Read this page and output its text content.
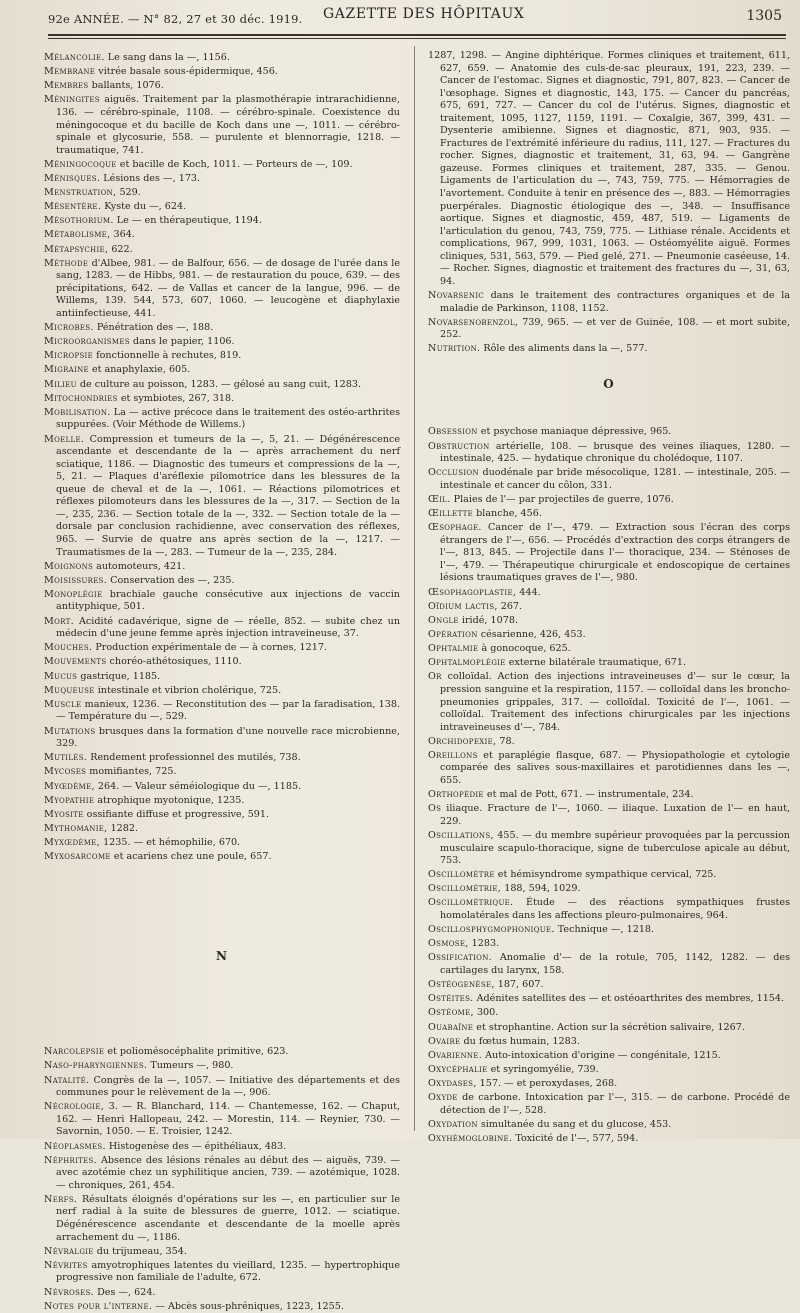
92e ANNÉE. — N° 82, 27 et 30 déc. 1919. GAZETTE DES HÔPITAUX	1305

Mélancolie. Le sang dans la —, 1156.

Membrane vitrée basale sous-épidermique, 456.

Membres ballants, 1076.

Méningites aiguës. Traitement par la plasmothérapie intrarachidienne, 136. — cérébro-spinale, 1108. — cérébro-spinale. Coexistence du méningocoque et du bacille de Koch dans une —, 1011. — cérébro-spinale et glycosurie, 558. — purulente et blennorragie, 1218. — traumatique, 741.

Méningocoque et bacille de Koch, 1011. — Porteurs de —, 109.

Ménisques. Lésions des —, 173.

Menstruation, 529.

Mésentère. Kyste du —, 624.

Mésothorium. Le — en thérapeutique, 1194.

Métabolisme, 364.

Métapsychie, 622.

Méthode d'Albee, 981. — de Balfour, 656. — de dosage de l'urée dans le sang, 1283. — de Hibbs, 981. — de restauration du pouce, 639. — des précipitations, 642. — de Vallas et cancer de la langue, 996. — de Willems, 139. 544, 573, 607, 1060. — leucogène et diaphylaxie antiinfectieuse, 441.

Microbes. Pénétration des —, 188.

Microorganismes dans le papier, 1106.

Micropsie fonctionnelle à rechutes, 819.

Migraine et anaphylaxie, 605.

Milieu de culture au poisson, 1283. — gélosé au sang cuit, 1283.

Mitochondries et symbiotes, 267, 318.

Mobilisation. La — active précoce dans le traitement des ostéo-arthrites suppurées. (Voir Méthode de Willems.)

Moelle. Compression et tumeurs de la —, 5, 21. — Dégénérescence ascendante et descendante de la — après arrachement du nerf sciatique, 1186. — Diagnostic des tumeurs et compressions de la —, 5, 21. — Plaques d'aréflexie pilomotrice dans les blessures de la queue de cheval et de la —, 1061. — Réactions pilomotrices et réflexes pilomoteurs dans les blessures de la —, 317. — Section de la —, 235, 236. — Section totale de la —, 332. — Section totale de la — dorsale par conclusion rachidienne, avec conservation des réflexes, 965. — Survie de quatre ans après section de la —, 1217. — Traumatismes de la —, 283. — Tumeur de la —, 235, 284.

Moignons automoteurs, 421.

Moisissures. Conservation des —, 235.

Monoplégie brachiale gauche consécutive aux injections de vaccin antityphique, 501.

Mort. Acidité cadavérique, signe de — réelle, 852. — subite chez un médecin d'une jeune femme après injection intraveineuse, 37.

Mouches. Production expérimentale de — à cornes, 1217.

Mouvements choréo-athétosiques, 1110.

Mucus gastrique, 1185.

Muqueuse intestinale et vibrion cholérique, 725.

Muscle manieux, 1236. — Reconstitution des — par la faradisation, 138. — Température du —, 529.

Mutations brusques dans la formation d'une nouvelle race microbienne, 329.

Mutilés. Rendement professionnel des mutilés, 738.

Mycoses momifiantes, 725.

Myœdème, 264. — Valeur séméiologique du —, 1185.

Myopathie atrophique myotonique, 1235.

Myosite ossifiante diffuse et progressive, 591.

Mythomanie, 1282.

Myxœdème, 1235. — et hémophilie, 670.

Myxosarcome et acariens chez une poule, 657.

N

Narcolepsie et poliomésocéphalite primitive, 623.

Naso-pharyngiennes. Tumeurs —, 980.

Natalité. Congrès de la —, 1057. — Initiative des départements et des communes pour le relèvement de la —, 906.

Nécrologie, 3. — R. Blanchard, 114. — Chantemesse, 162. — Chaput, 162. — Henri Hallopeau, 242. — Morestin, 114. — Reynier, 730. — Savornin, 1050. — E. Troisier, 1242.

Néoplasmes. Histogenèse des — épithéliaux, 483.

Néphrites. Absence des lésions rénales au début des — aiguës, 739. — avec azotémie chez un syphilitique ancien, 739. — azotémique, 1028. — chroniques, 261, 454.

Nerfs. Résultats éloignés d'opérations sur les —, en particulier sur le nerf radial à la suite de blessures de guerre, 1012. — sciatique. Dégénérescence ascendante et descendante de la moelle après arrachement du —, 1186.

Névralgie du trijumeau, 354.

Névrites amyotrophiques latentes du vieillard, 1235. — hypertrophique progressive non familiale de l'adulte, 672.

Névroses. Des —, 624.

Notes pour l'interne. — Abcès sous-phréniques, 1223, 1255.

1287, 1298. — Angine diphtérique. Formes cliniques et traitement, 611, 627, 659. — Anatomie des culs-de-sac pleuraux, 191, 223, 239. — Cancer de l'estomac. Signes et diagnostic, 791, 807, 823. — Cancer de l'œsophage. Signes et diagnostic, 143, 175. — Cancer du pancréas, 675, 691, 727. — Cancer du col de l'utérus. Signes, diagnostic et traitement, 1095, 1127, 1159, 1191. — Coxalgie, 367, 399, 431. — Dysenterie amibienne. Signes et diagnostic, 871, 903, 935. — Fractures de l'extrémité inférieure du radius, 111, 127. — Fractures du rocher. Signes, diagnostic et traitement, 31, 63, 94. — Gangrène gazeuse. Formes cliniques et traitement, 287, 335. — Genou. Ligaments de l'articulation du —, 743, 759, 775. — Hémorragies de l'avortement. Conduite à tenir en présence des —, 883. — Hémorragies puerpérales. Diagnostic étiologique des —, 348. — Insuffisance aortique. Signes et diagnostic, 459, 487, 519. — Ligaments de l'articulation du genou, 743, 759, 775. — Lithiase rénale. Accidents et complications, 967, 999, 1031, 1063. — Ostéomyélite aiguë. Formes cliniques, 531, 563, 579. — Pied gelé, 271. — Pneumonie caséeuse, 14. — Rocher. Signes, diagnostic et traitement des fractures du —, 31, 63, 94.

Novarsenic dans le traitement des contractures organiques et de la maladie de Parkinson, 1108, 1152.

Novarsenobenzol, 739, 965. — et ver de Guinée, 108. — et mort subite, 252.

Nutrition. Rôle des aliments dans la —, 577.

O

Obsession et psychose maniaque dépressive, 965.

Obstruction artérielle, 108. — brusque des veines iliaques, 1280. — intestinale, 425. — hydatique chronique du cholédoque, 1107.

Occlusion duodénale par bride mésocolique, 1281. — intestinale, 205. — intestinale et cancer du côlon, 331.

Œil. Plaies de l'— par projectiles de guerre, 1076.

Œillette blanche, 456.

Œsophage. Cancer de l'—, 479. — Extraction sous l'écran des corps étrangers de l'—, 656. — Procédés d'extraction des corps étrangers de l'—, 813, 845. — Projectile dans l'— thoracique, 234. — Sténoses de l'—, 479. — Thérapeutique chirurgicale et endoscopique de certaines lésions traumatiques graves de l'—, 980.

Œsophagoplastie, 444.

Oïdium lactis, 267.

Ongle iridé, 1078.

Opération césarienne, 426, 453.

Ophtalmie à gonocoque, 625.

Ophtalmoplégie externe bilatérale traumatique, 671.

Or colloïdal. Action des injections intraveineuses d'— sur le cœur, la pression sanguine et la respiration, 1157. — colloïdal dans les broncho-pneumonies grippales, 317. — colloïdal. Toxicité de l'—, 1061. — colloïdal. Traitement des infections chirurgicales par les injections intraveineuses d'—, 784.

Orchidopexie, 78.

Oreillons et paraplégie flasque, 687. — Physiopathologie et cytologie comparée des salives sous-maxillaires et parotidiennes dans les —, 655.

Orthopédie et mal de Pott, 671. — instrumentale, 234.

Os iliaque. Fracture de l'—, 1060. — iliaque. Luxation de l'— en haut, 229.

Oscillations, 455. — du membre supérieur provoquées par la percussion musculaire scapulo-thoracique, signe de tuberculose apicale au début, 753.

Oscillomètre et hémisyndrome sympathique cervical, 725.

Oscillométrie, 188, 594, 1029.

Oscillométrique. Étude — des réactions sympathiques frustes homolatérales dans les affections pleuro-pulmonaires, 964.

Oscillosphygmophonique. Technique —, 1218.

Osmose, 1283.

Ossification. Anomalie d'— de la rotule, 705, 1142, 1282. — des cartilages du larynx, 158.

Ostéogenèse, 187, 607.

Ostéites. Adénites satellites des — et ostéoarthrites des membres, 1154.

Ostéome, 300.

Ouabaïne et strophantine. Action sur la sécrétion salivaire, 1267.

Ovaire du fœtus humain, 1283.

Ovarienne. Auto-intoxication d'origine — congénitale, 1215.

Oxycéphalie et syringomyélie, 739.

Oxydases, 157. — et peroxydases, 268.

Oxyde de carbone. Intoxication par l'—, 315. — de carbone. Procédé de détection de l'—, 528.

Oxydation simultanée du sang et du glucose, 453.

Oxyhémoglobine. Toxicité de l'—, 577, 594.
